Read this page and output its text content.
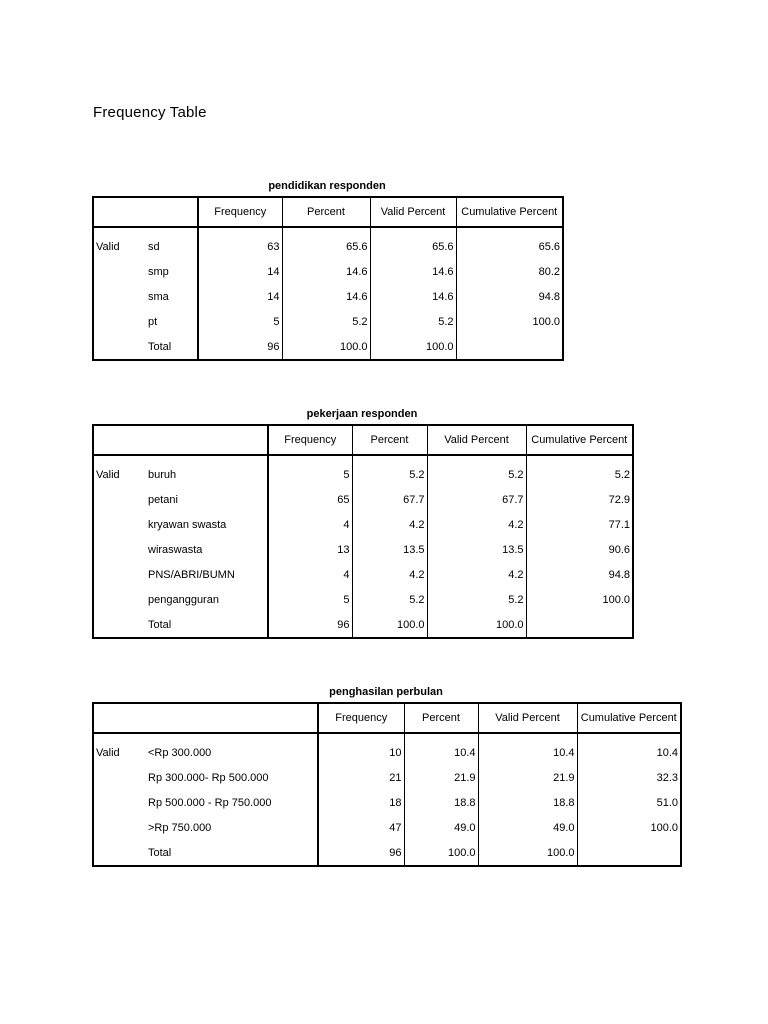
Frequency Table
pendidikan responden
		Frequency	Percent	Valid Percent	Cumulative Percent
Valid	sd	63	65.6	65.6	65.6
	smp	14	14.6	14.6	80.2
	sma	14	14.6	14.6	94.8
	pt	5	5.2	5.2	100.0
	Total	96	100.0	100.0	
pekerjaan responden
		Frequency	Percent	Valid Percent	Cumulative Percent
Valid	buruh	5	5.2	5.2	5.2
	petani	65	67.7	67.7	72.9
	kryawan swasta	4	4.2	4.2	77.1
	wiraswasta	13	13.5	13.5	90.6
	PNS/ABRI/BUMN	4	4.2	4.2	94.8
	pengangguran	5	5.2	5.2	100.0
	Total	96	100.0	100.0	
penghasilan perbulan
		Frequency	Percent	Valid Percent	Cumulative Percent
Valid	<Rp 300.000	10	10.4	10.4	10.4
	Rp 300.000- Rp 500.000	21	21.9	21.9	32.3
	Rp 500.000 - Rp 750.000	18	18.8	18.8	51.0
	>Rp 750.000	47	49.0	49.0	100.0
	Total	96	100.0	100.0	
